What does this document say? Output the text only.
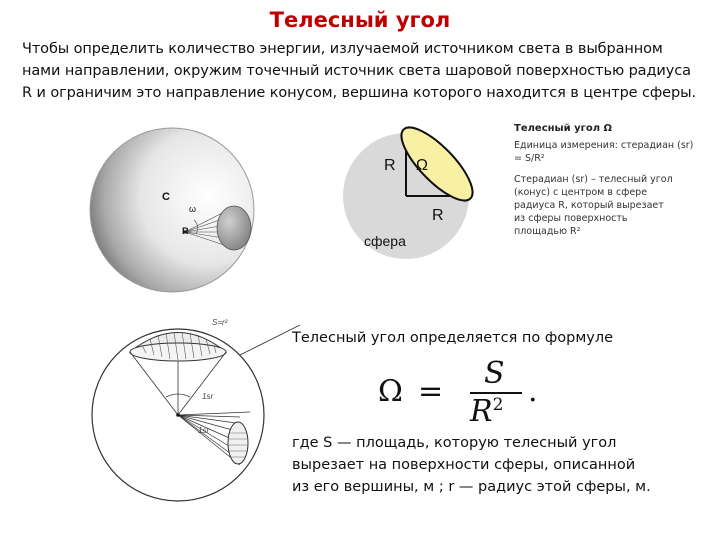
Телесный угол
Чтобы определить количество энергии, излучаемой источником света в выбранном
нами направлении, окружим точечный источник света шаровой поверхностью радиуса
R и ограничим это направление конусом, вершина которого находится в центре сферы.
C
ω
R
R Ω
R
сфера
Телесный угол Ω
Единица измерения: стерадиан (sr)
= S/R²
Стерадиан (sr) – телесный угол
(конус) с центром в сфере
радиуса R, который вырезает
из сферы поверхность
площадью R²
S=r²
1sr
1sr
Телесный угол определяется по формуле
Ω =
S
$R^2$ .
где S — площадь, которую телесный угол
вырезает на поверхности сферы, описанной
из его вершины, м ; r — радиус этой сферы, м.
